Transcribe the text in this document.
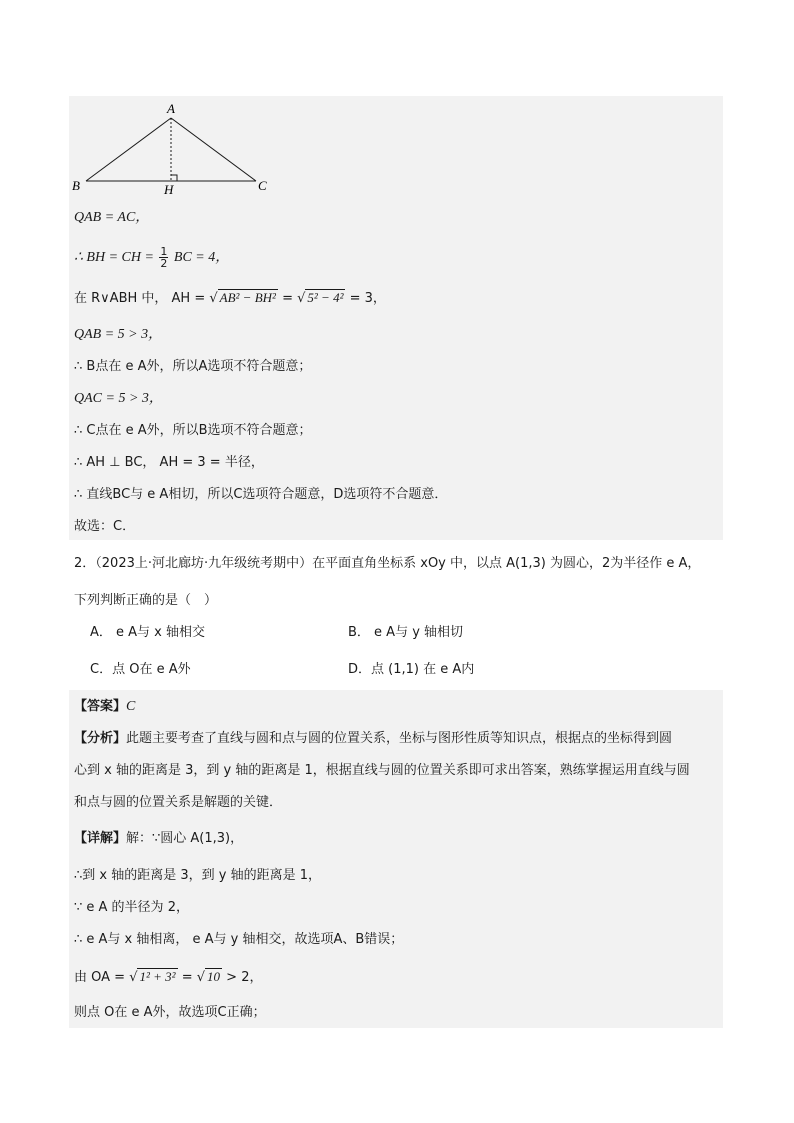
A
B	C
H
QAB = AC，
∴ BH = CH = $\frac{1}{2}$ BC = 4，
在 R∨ABH 中， AH = √ AB² − BH² = √ 5² − 4² = 3，
QAB = 5 > 3，
∴ B点在 e A外，所以A选项不符合题意；
QAC = 5 > 3，
∴ C点在 e A外，所以B选项不符合题意；
∴ AH ⊥ BC， AH = 3 = 半径，
∴ 直线BC与 e A相切，所以C选项符合题意，D选项符不合题意．
故选：C．
2．（2023上·河北廊坊·九年级统考期中）在平面直角坐标系 xOy 中，以点 A(1,3) 为圆心，2为半径作 e A，
下列判断正确的是（　）
A． e A与 x 轴相交	B． e A与 y 轴相切
C．点 O在 e A外	D．点 (1,1) 在 e A内
【答案】C
【分析】此题主要考查了直线与圆和点与圆的位置关系，坐标与图形性质等知识点，根据点的坐标得到圆
心到 x 轴的距离是 3，到 y 轴的距离是 1，根据直线与圆的位置关系即可求出答案，熟练掌握运用直线与圆
和点与圆的位置关系是解题的关键．
【详解】解：∵圆心 A(1,3)，
∴到 x 轴的距离是 3，到 y 轴的距离是 1，
∵ e A 的半径为 2，
∴ e A与 x 轴相离， e A与 y 轴相交，故选项A、B错误；
由 OA = √ 1² + 3² = √ 10 > 2，
则点 O在 e A外，故选项C正确；
